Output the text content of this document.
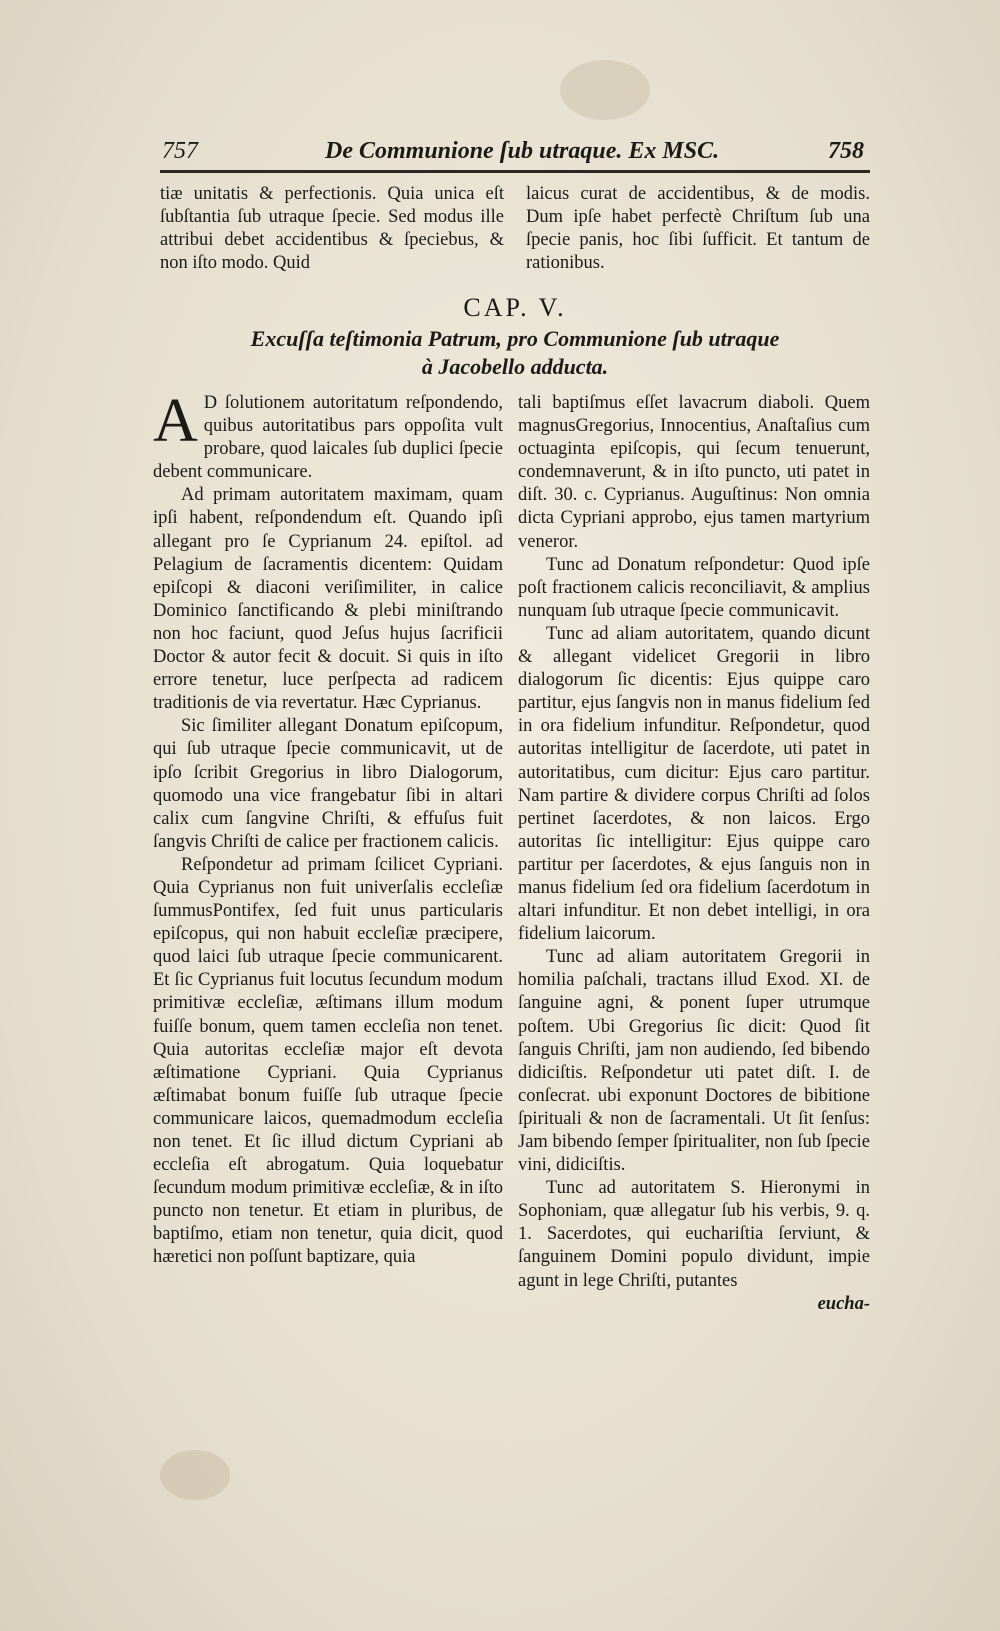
757	De Communione ſub utraque. Ex MSC.	758

tiæ unitatis & perfectionis. Quia unica eſt ſubſtantia ſub utraque ſpecie. Sed modus ille attribui debet accidentibus & ſpeciebus, & non iſto modo. Quid

laicus curat de accidentibus, & de modis. Dum ipſe habet perfectè Chriſtum ſub una ſpecie panis, hoc ſibi ſufficit. Et tantum de rationibus.

CAP. V.
Excuſſa teſtimonia Patrum, pro Communione ſub utraque
à Jacobello adducta.

A D ſolutionem autoritatum reſpondendo, quibus autoritatibus pars oppoſita vult probare, quod laicales ſub duplici ſpecie debent communicare.

Ad primam autoritatem maximam, quam ipſi habent, reſpondendum eſt. Quando ipſi allegant pro ſe Cyprianum 24. epiſtol. ad Pelagium de ſacramentis dicentem: Quidam epiſcopi & diaconi veriſimiliter, in calice Dominico ſanctificando & plebi miniſtrando non hoc faciunt, quod Jeſus hujus ſacrificii Doctor & autor fecit & docuit. Si quis in iſto errore tenetur, luce perſpecta ad radicem traditionis de via revertatur. Hæc Cyprianus.

Sic ſimiliter allegant Donatum epiſcopum, qui ſub utraque ſpecie communicavit, ut de ipſo ſcribit Gregorius in libro Dialogorum, quomodo una vice frangebatur ſibi in altari calix cum ſangvine Chriſti, & effuſus fuit ſangvis Chriſti de calice per fractionem calicis.

Reſpondetur ad primam ſcilicet Cypriani. Quia Cyprianus non fuit univerſalis eccleſiæ ſummusPontifex, ſed fuit unus particularis epiſcopus, qui non habuit eccleſiæ præcipere, quod laici ſub utraque ſpecie communicarent. Et ſic Cyprianus fuit locutus ſecundum modum primitivæ eccleſiæ, æſtimans illum modum fuiſſe bonum, quem tamen eccleſia non tenet. Quia autoritas eccleſiæ major eſt devota æſtimatione Cypriani. Quia Cyprianus æſtimabat bonum fuiſſe ſub utraque ſpecie communicare laicos, quemadmodum eccleſia non tenet. Et ſic illud dictum Cypriani ab eccleſia eſt abrogatum. Quia loquebatur ſecundum modum primitivæ eccleſiæ, & in iſto puncto non tenetur. Et etiam in pluribus, de baptiſmo, etiam non tenetur, quia dicit, quod hæretici non poſſunt baptizare, quia

tali baptiſmus eſſet lavacrum diaboli. Quem magnusGregorius, Innocentius, Anaſtaſius cum octuaginta epiſcopis, qui ſecum tenuerunt, condemnaverunt, & in iſto puncto, uti patet in diſt. 30. c. Cyprianus. Auguſtinus: Non omnia dicta Cypriani approbo, ejus tamen martyrium veneror.

Tunc ad Donatum reſpondetur: Quod ipſe poſt fractionem calicis reconciliavit, & amplius nunquam ſub utraque ſpecie communicavit.

Tunc ad aliam autoritatem, quando dicunt & allegant videlicet Gregorii in libro dialogorum ſic dicentis: Ejus quippe caro partitur, ejus ſangvis non in manus fidelium ſed in ora fidelium infunditur. Reſpondetur, quod autoritas intelligitur de ſacerdote, uti patet in autoritatibus, cum dicitur: Ejus caro partitur. Nam partire & dividere corpus Chriſti ad ſolos pertinet ſacerdotes, & non laicos. Ergo autoritas ſic intelligitur: Ejus quippe caro partitur per ſacerdotes, & ejus ſanguis non in manus fidelium ſed ora fidelium ſacerdotum in altari infunditur. Et non debet intelligi, in ora fidelium laicorum.

Tunc ad aliam autoritatem Gregorii in homilia paſchali, tractans illud Exod. XI. de ſanguine agni, & ponent ſuper utrumque poſtem. Ubi Gregorius ſic dicit: Quod ſit ſanguis Chriſti, jam non audiendo, ſed bibendo didiciſtis. Reſpondetur uti patet diſt. I. de conſecrat. ubi exponunt Doctores de bibitione ſpirituali & non de ſacramentali. Ut ſit ſenſus: Jam bibendo ſemper ſpiritualiter, non ſub ſpecie vini, didiciſtis.

Tunc ad autoritatem S. Hieronymi in Sophoniam, quæ allegatur ſub his verbis, 9. q. 1. Sacerdotes, qui euchariſtia ſerviunt, & ſanguinem Domini populo dividunt, impie agunt in lege Chriſti, putantes

eucha-
